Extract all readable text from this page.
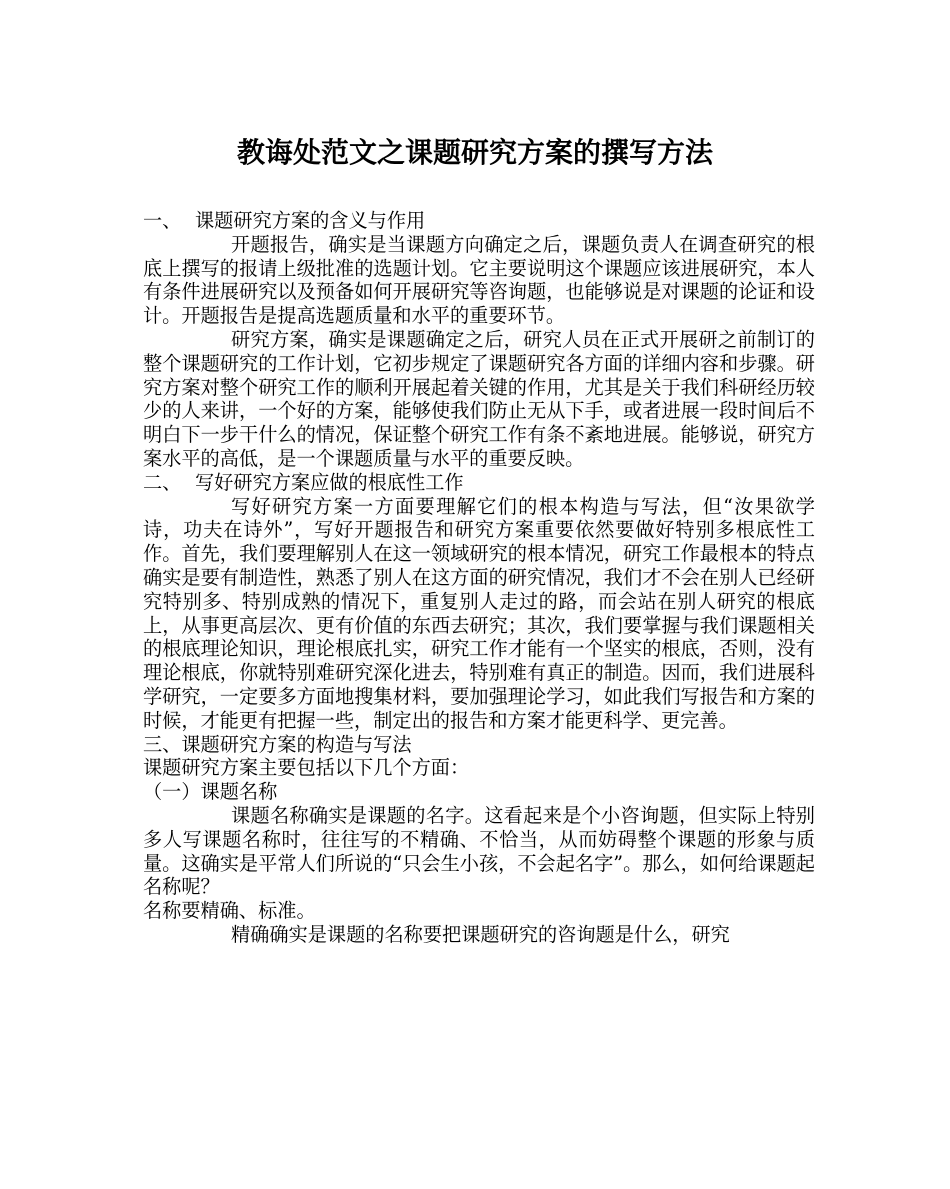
教诲处范文之课题研究方案的撰写方法

一、 课题研究方案的含义与作用

开题报告，确实是当课题方向确定之后，课题负责人在调查研究的根底上撰写的报请上级批准的选题计划。它主要说明这个课题应该进展研究，本人有条件进展研究以及预备如何开展研究等咨询题，也能够说是对课题的论证和设计。开题报告是提高选题质量和水平的重要环节。

研究方案，确实是课题确定之后，研究人员在正式开展研之前制订的整个课题研究的工作计划，它初步规定了课题研究各方面的详细内容和步骤。研究方案对整个研究工作的顺利开展起着关键的作用，尤其是关于我们科研经历较少的人来讲，一个好的方案，能够使我们防止无从下手，或者进展一段时间后不明白下一步干什么的情况，保证整个研究工作有条不紊地进展。能够说，研究方案水平的高低，是一个课题质量与水平的重要反映。

二、 写好研究方案应做的根底性工作

写好研究方案一方面要理解它们的根本构造与写法，但“汝果欲学诗，功夫在诗外”，写好开题报告和研究方案重要依然要做好特别多根底性工作。首先，我们要理解别人在这一领域研究的根本情况，研究工作最根本的特点确实是要有制造性，熟悉了别人在这方面的研究情况，我们才不会在别人已经研究特别多、特别成熟的情况下，重复别人走过的路，而会站在别人研究的根底上，从事更高层次、更有价值的东西去研究；其次，我们要掌握与我们课题相关的根底理论知识，理论根底扎实，研究工作才能有一个坚实的根底，否则，没有理论根底，你就特别难研究深化进去，特别难有真正的制造。因而，我们进展科学研究，一定要多方面地搜集材料，要加强理论学习，如此我们写报告和方案的时候，才能更有把握一些，制定出的报告和方案才能更科学、更完善。

三、课题研究方案的构造与写法

课题研究方案主要包括以下几个方面：

（一）课题名称

课题名称确实是课题的名字。这看起来是个小咨询题，但实际上特别多人写课题名称时，往往写的不精确、不恰当，从而妨碍整个课题的形象与质量。这确实是平常人们所说的“只会生小孩，不会起名字”。那么，如何给课题起名称呢？

名称要精确、标准。

精确确实是课题的名称要把课题研究的咨询题是什么，研究
